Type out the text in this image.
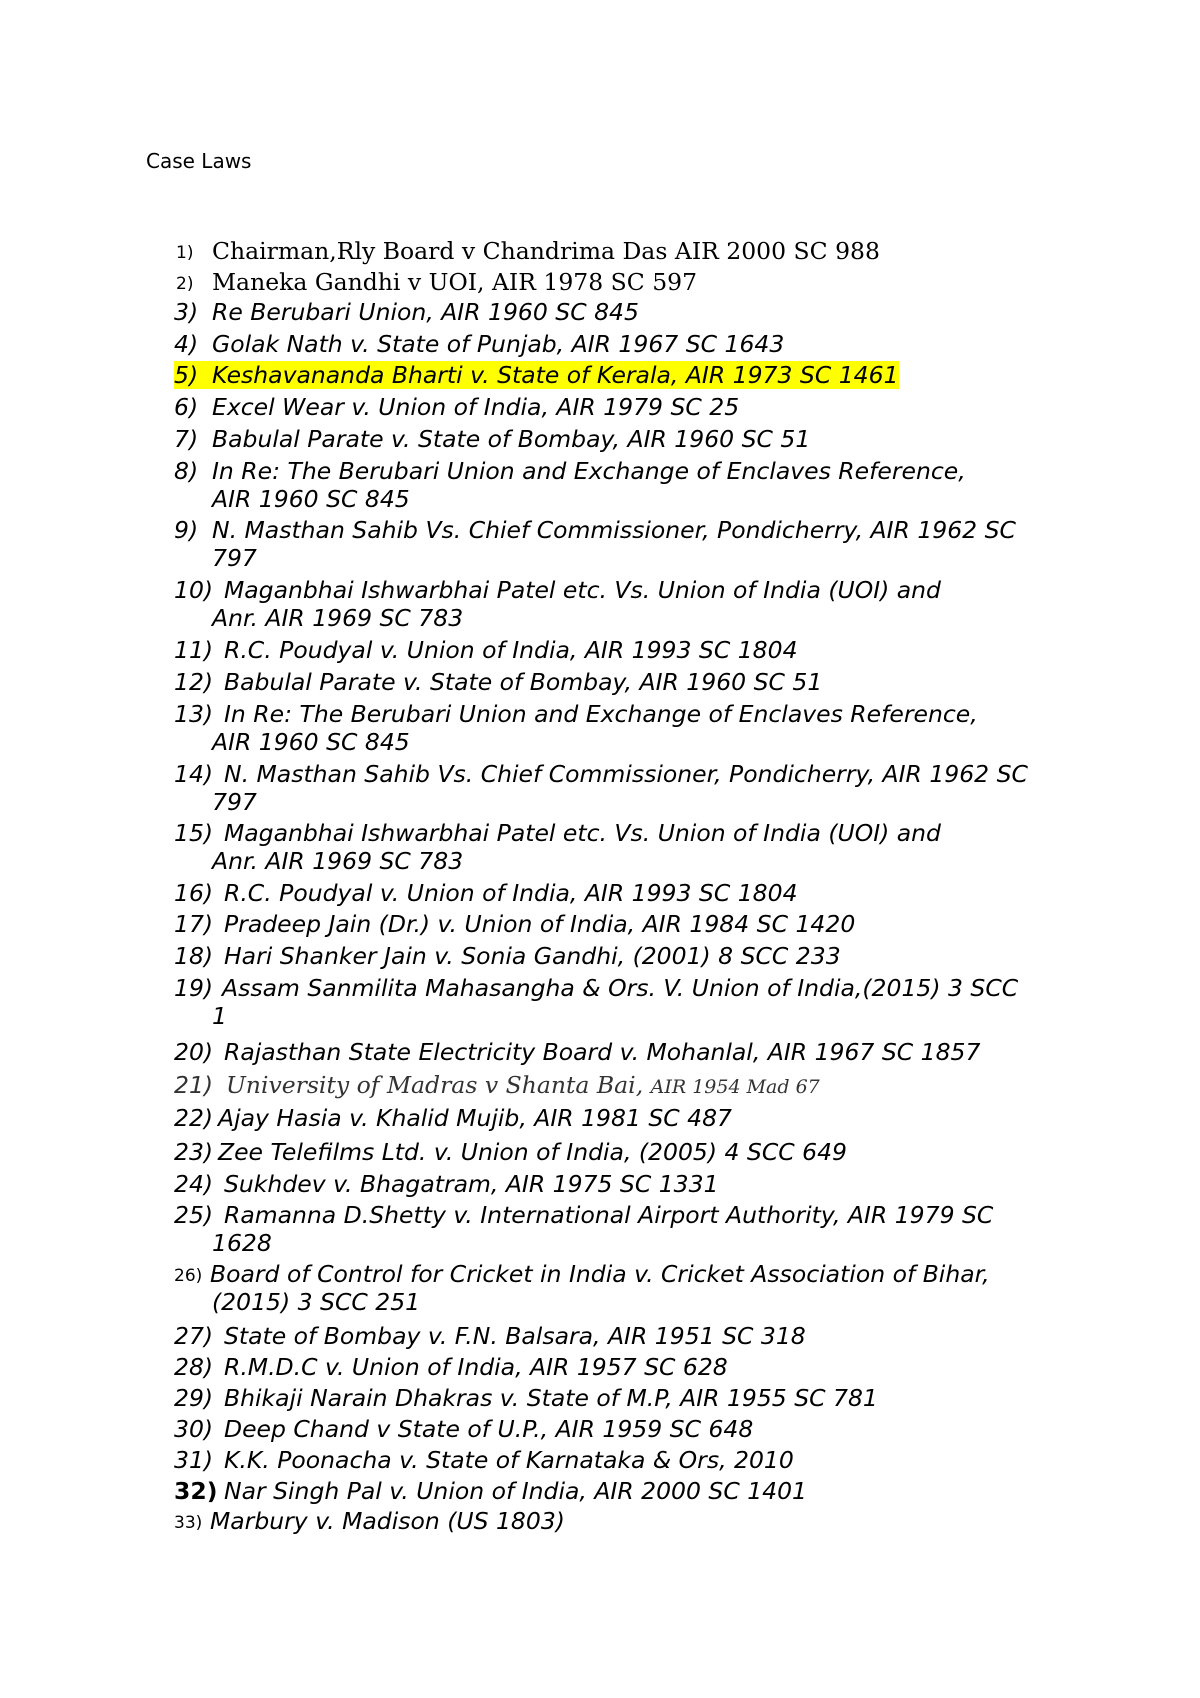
Case Laws
1) Chairman,Rly Board v Chandrima Das AIR 2000 SC 988
2) Maneka Gandhi v UOI, AIR 1978 SC 597
3) Re Berubari Union, AIR 1960 SC 845
4) Golak Nath v. State of Punjab, AIR 1967 SC 1643
5) Keshavananda Bharti v. State of Kerala, AIR 1973 SC 1461
6) Excel Wear v. Union of India, AIR 1979 SC 25
7) Babulal Parate v. State of Bombay, AIR 1960 SC 51
8) In Re: The Berubari Union and Exchange of Enclaves Reference,
AIR 1960 SC 845
9) N. Masthan Sahib Vs. Chief Commissioner, Pondicherry, AIR 1962 SC
797
10) Maganbhai Ishwarbhai Patel etc. Vs. Union of India (UOI) and
Anr. AIR 1969 SC 783
11) R.C. Poudyal v. Union of India, AIR 1993 SC 1804
12) Babulal Parate v. State of Bombay, AIR 1960 SC 51
13) In Re: The Berubari Union and Exchange of Enclaves Reference,
AIR 1960 SC 845
14) N. Masthan Sahib Vs. Chief Commissioner, Pondicherry, AIR 1962 SC
797
15) Maganbhai Ishwarbhai Patel etc. Vs. Union of India (UOI) and
Anr. AIR 1969 SC 783
16) R.C. Poudyal v. Union of India, AIR 1993 SC 1804
17) Pradeep Jain (Dr.) v. Union of India, AIR 1984 SC 1420
18) Hari Shanker Jain v. Sonia Gandhi, (2001) 8 SCC 233
19) Assam Sanmilita Mahasangha & Ors. V. Union of India,(2015) 3 SCC
1
20) Rajasthan State Electricity Board v. Mohanlal, AIR 1967 SC 1857
21) University of Madras v Shanta Bai, AIR 1954 Mad 67
22) Ajay Hasia v. Khalid Mujib, AIR 1981 SC 487
23) Zee Telefilms Ltd. v. Union of India, (2005) 4 SCC 649
24) Sukhdev v. Bhagatram, AIR 1975 SC 1331
25) Ramanna D.Shetty v. International Airport Authority, AIR 1979 SC
1628
26) Board of Control for Cricket in India v. Cricket Association of Bihar,
(2015) 3 SCC 251
27) State of Bombay v. F.N. Balsara, AIR 1951 SC 318
28) R.M.D.C v. Union of India, AIR 1957 SC 628
29) Bhikaji Narain Dhakras v. State of M.P, AIR 1955 SC 781
30) Deep Chand v State of U.P., AIR 1959 SC 648
31) K.K. Poonacha v. State of Karnataka & Ors, 2010
32) Nar Singh Pal v. Union of India, AIR 2000 SC 1401
33) Marbury v. Madison (US 1803)
